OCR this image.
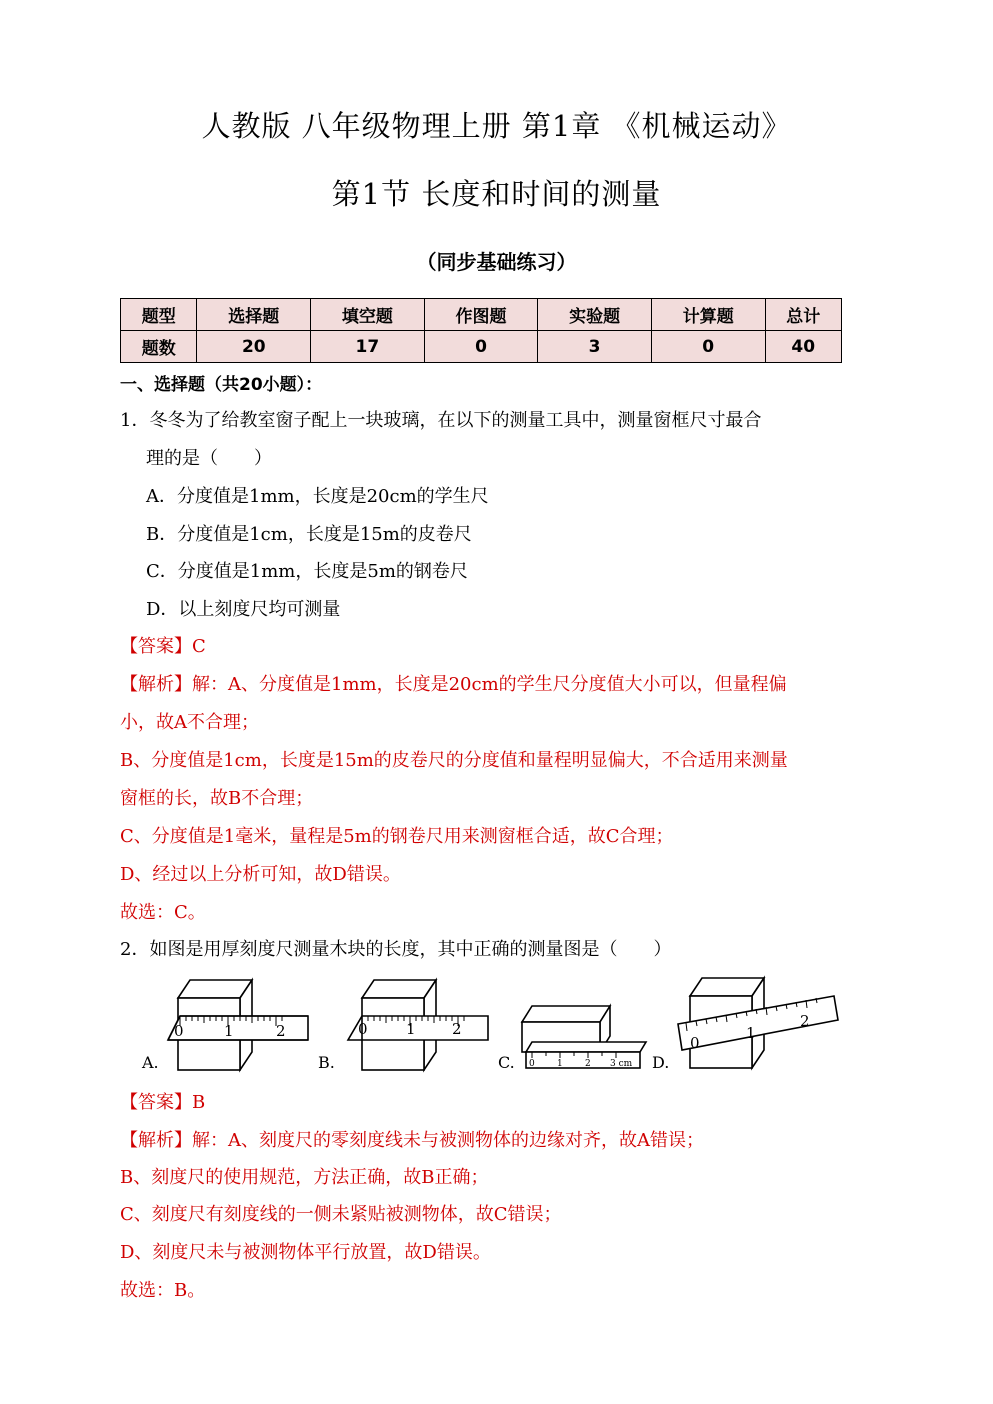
人教版 八年级物理上册 第1章 《机械运动》
第1节 长度和时间的测量
（同步基础练习）
题型	选择题	填空题	作图题	实验题	计算题	总计
题数	20	17	0	3	0	40
一、选择题（共20小题）：
1．冬冬为了给教室窗子配上一块玻璃，在以下的测量工具中，测量窗框尺寸最合
理的是（　　）
A．分度值是1mm，长度是20cm的学生尺
B．分度值是1cm，长度是15m的皮卷尺
C．分度值是1mm，长度是5m的钢卷尺
D．以上刻度尺均可测量
【答案】C
【解析】解：A、分度值是1mm，长度是20cm的学生尺分度值大小可以，但量程偏
小，故A不合理；
B、分度值是1cm，长度是15m的皮卷尺的分度值和量程明显偏大，不合适用来测量
窗框的长，故B不合理；
C、分度值是1毫米，量程是5m的钢卷尺用来测窗框合适，故C合理；
D、经过以上分析可知，故D错误。
故选：C。
2．如图是用厚刻度尺测量木块的长度，其中正确的测量图是（　　）
0	1	2	0	1 2
0
1
2
0 1 2 3 cm
A.	B.	C.	D.
【答案】B
【解析】解：A、刻度尺的零刻度线未与被测物体的边缘对齐，故A错误；
B、刻度尺的使用规范，方法正确，故B正确；
C、刻度尺有刻度线的一侧未紧贴被测物体，故C错误；
D、刻度尺未与被测物体平行放置，故D错误。
故选：B。
